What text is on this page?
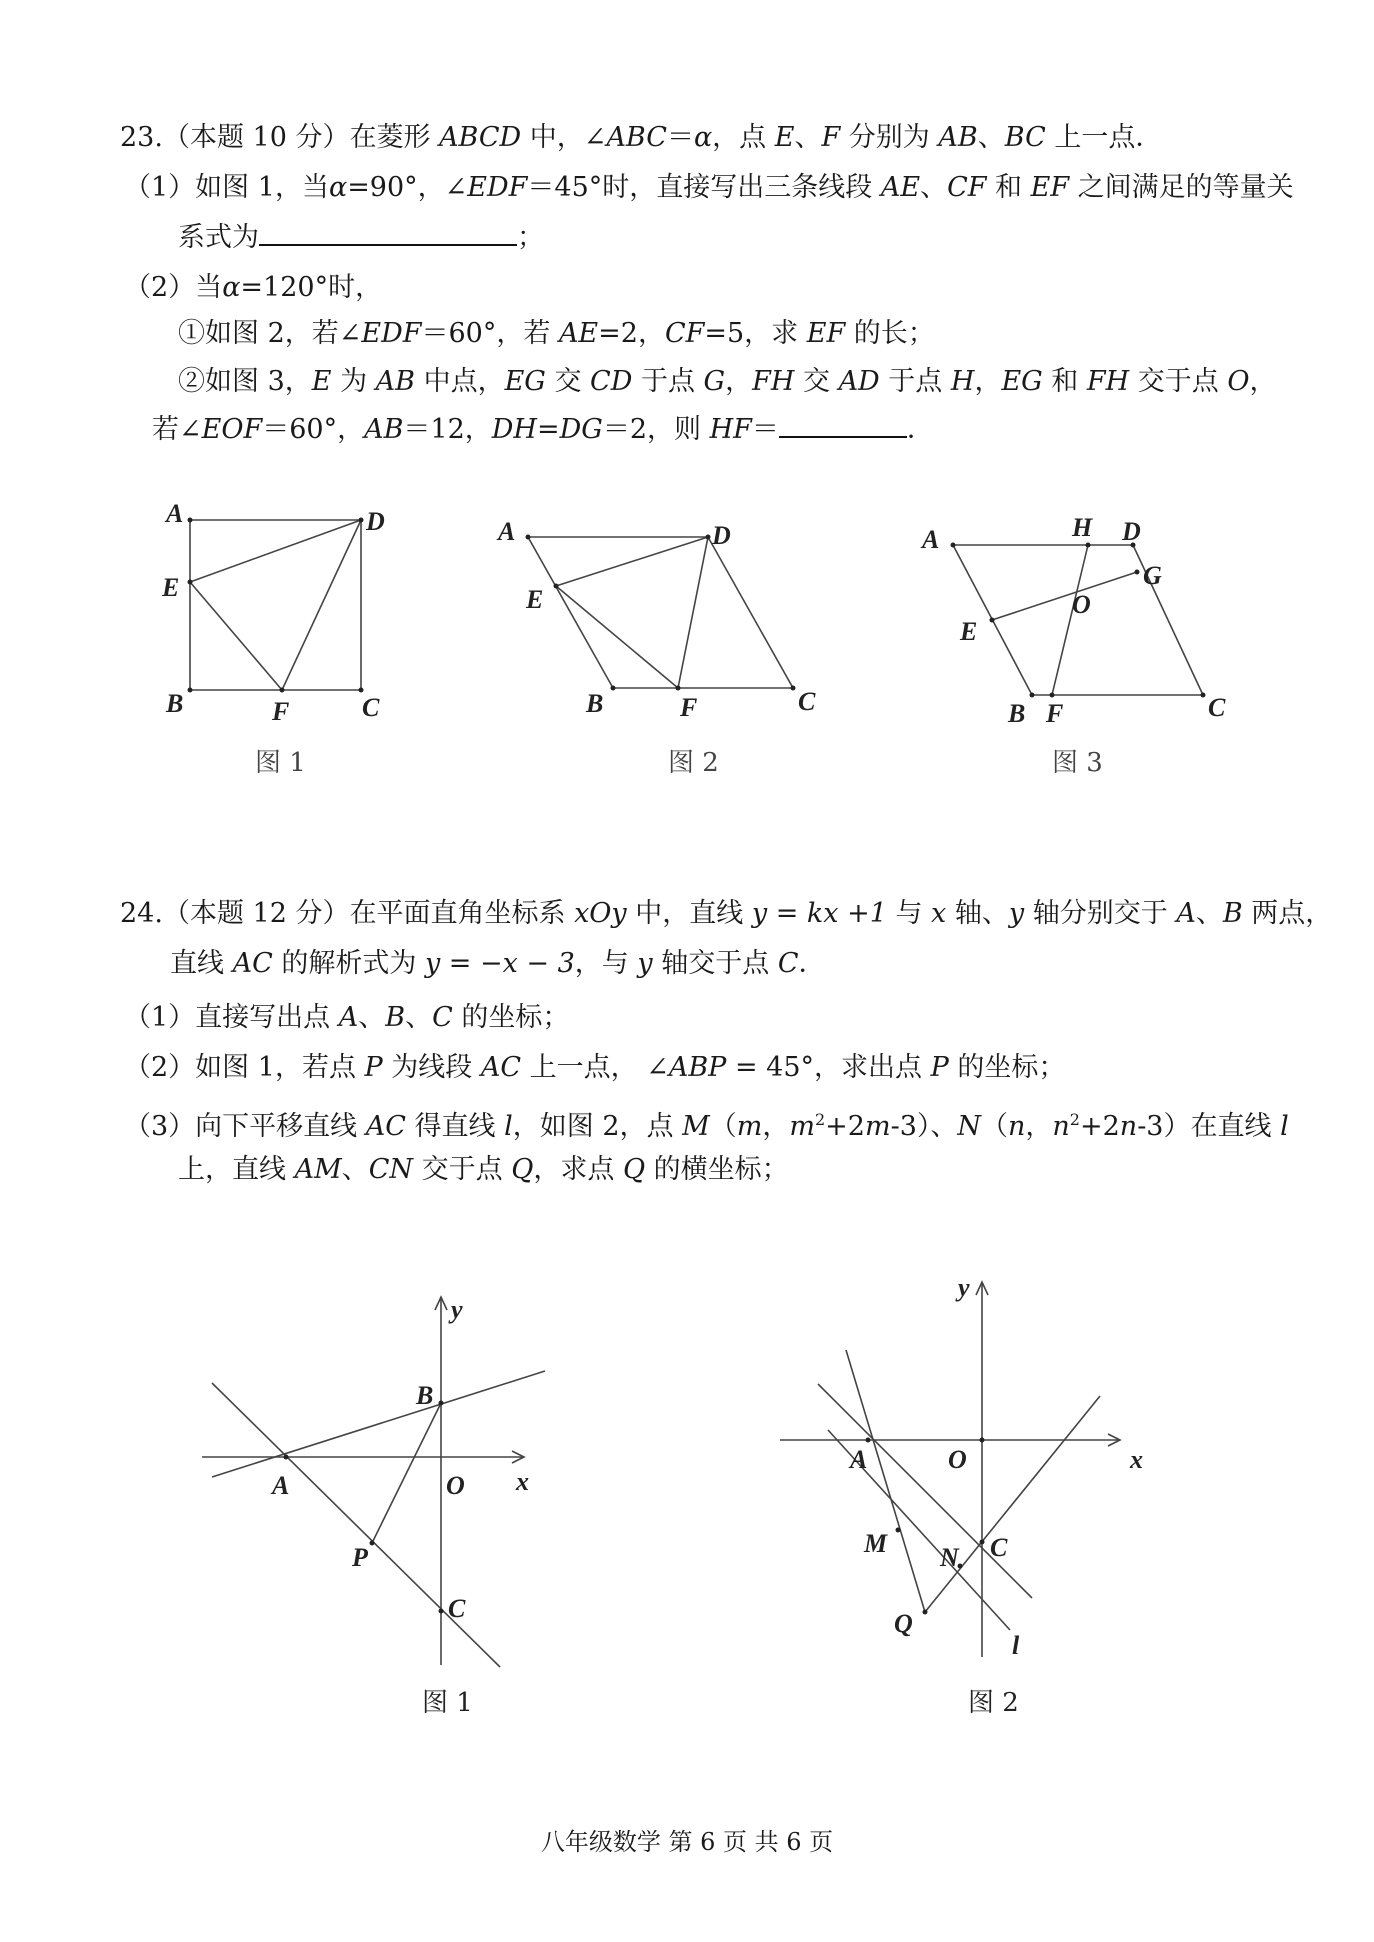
23.（本题 10 分）在菱形 ABCD 中，∠ABC＝α，点 E、F 分别为 AB、BC 上一点．
（1）如图 1，当α=90°，∠EDF＝45°时，直接写出三条线段 AE、CF 和 EF 之间满足的等量关
系式为	；
（2）当α=120°时，
①如图 2，若∠EDF＝60°，若 AE=2，CF=5，求 EF 的长；
②如图 3，E 为 AB 中点，EG 交 CD 于点 G，FH 交 AD 于点 H，EG 和 FH 交于点 O，
若∠EOF＝60°，AB＝12，DH=DG＝2，则 HF＝	．
A	D
E
B	F	C
A	D
E
B	F	C
A	H D
G
O
E
B F	C
图 1	图 2	图 3
24.（本题 12 分）在平面直角坐标系 xOy 中，直线 y = kx +1 与 x 轴、y 轴分别交于 A、B 两点，
直线 AC 的解析式为 y = −x − 3，与 y 轴交于点 C．
（1）直接写出点 A、B、C 的坐标；
（2）如图 1，若点 P 为线段 AC 上一点， ∠ABP = 45°，求出点 P 的坐标；
（3）向下平移直线 AC 得直线 l，如图 2，点 M（m，$m^2+2m-3$）、N（n，$n^2+2n-3$）在直线 l
上，直线 AM、CN 交于点 Q，求点 Q 的横坐标；
y
x
B
A	O
P
C
y
x
A	O
M N C
Q
l
图 1	图 2
八年级数学 第 6 页 共 6 页
